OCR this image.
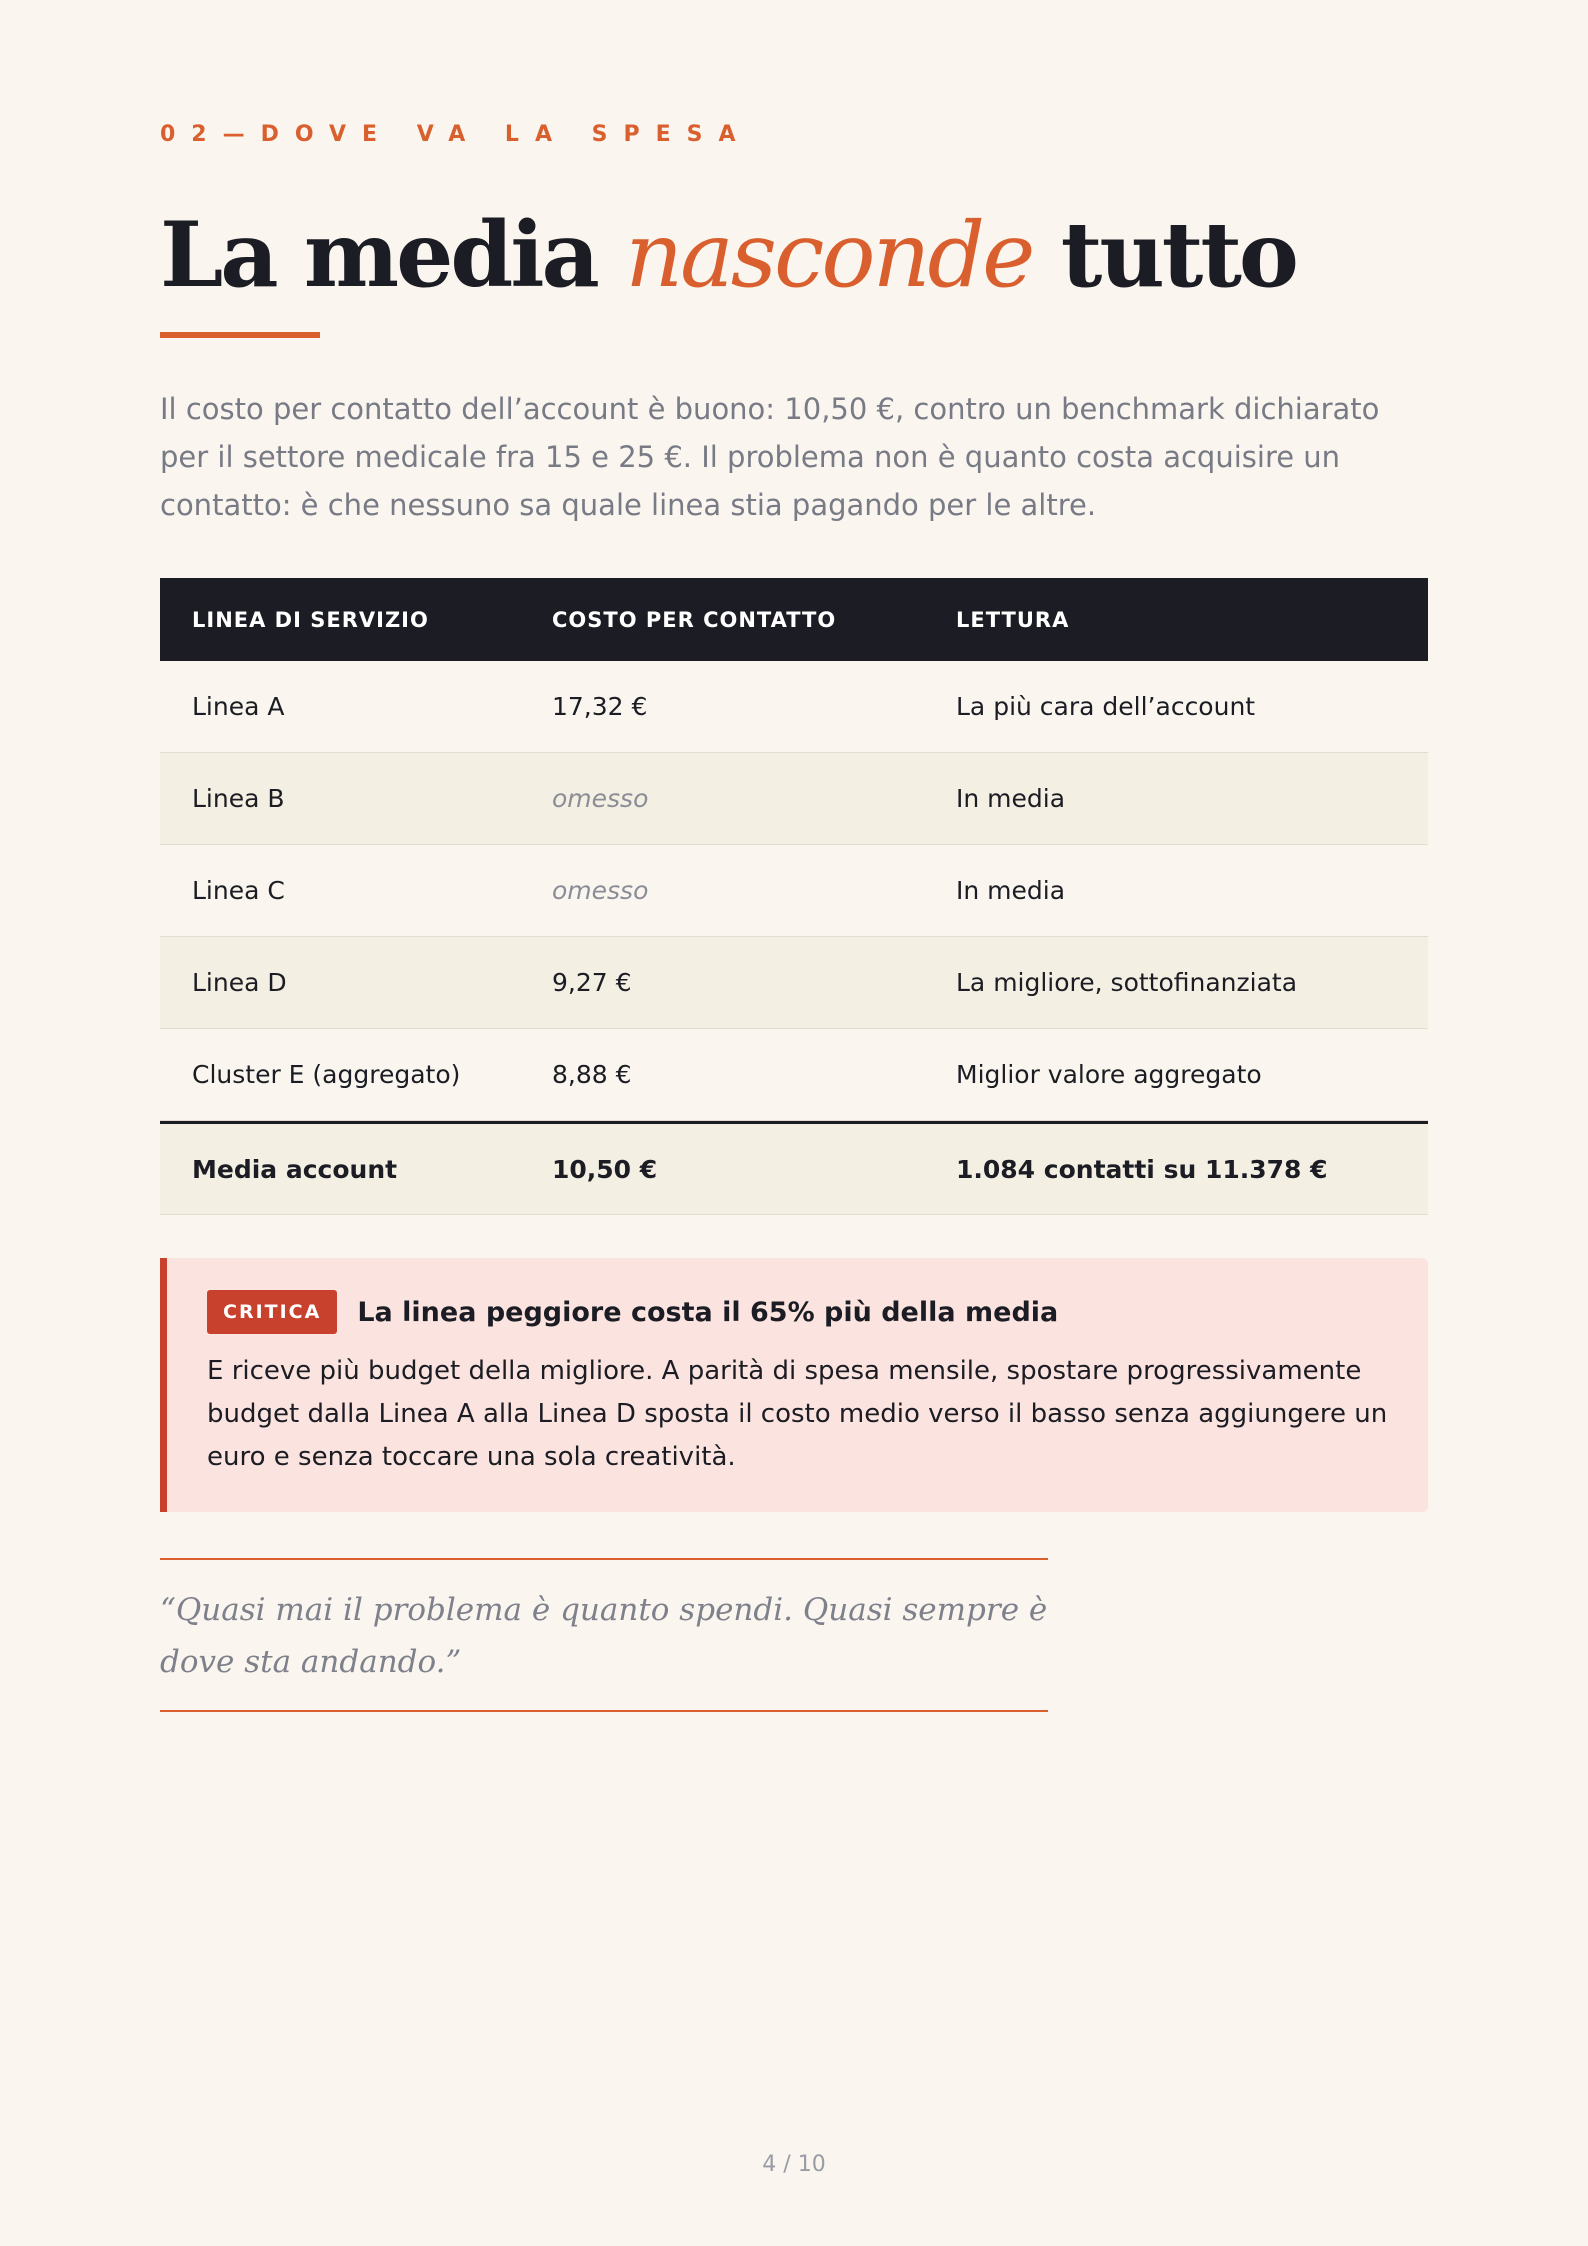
02—DOVE VA LA SPESA
La media nasconde tutto

Il costo per contatto dell’account è buono: 10,50 €, contro un benchmark dichiarato per il settore medicale fra 15 e 25 €. Il problema non è quanto costa acquisire un contatto: è che nessuno sa quale linea stia pagando per le altre.

LINEA DI SERVIZIO	COSTO PER CONTATTO	LETTURA
Linea A	17,32 €	La più cara dell’account
Linea B	omesso	In media
Linea C	omesso	In media
Linea D	9,27 €	La migliore, sottofinanziata
Cluster E (aggregato)	8,88 €	Miglior valore aggregato
Media account	10,50 €	1.084 contatti su 11.378 €
CRITICA	La linea peggiore costa il 65% più della media

E riceve più budget della migliore. A parità di spesa mensile, spostare progressivamente budget dalla Linea A alla Linea D sposta il costo medio verso il basso senza aggiungere un euro e senza toccare una sola creatività.

“Quasi mai il problema è quanto spendi. Quasi sempre è dove sta andando.”
4 / 10
